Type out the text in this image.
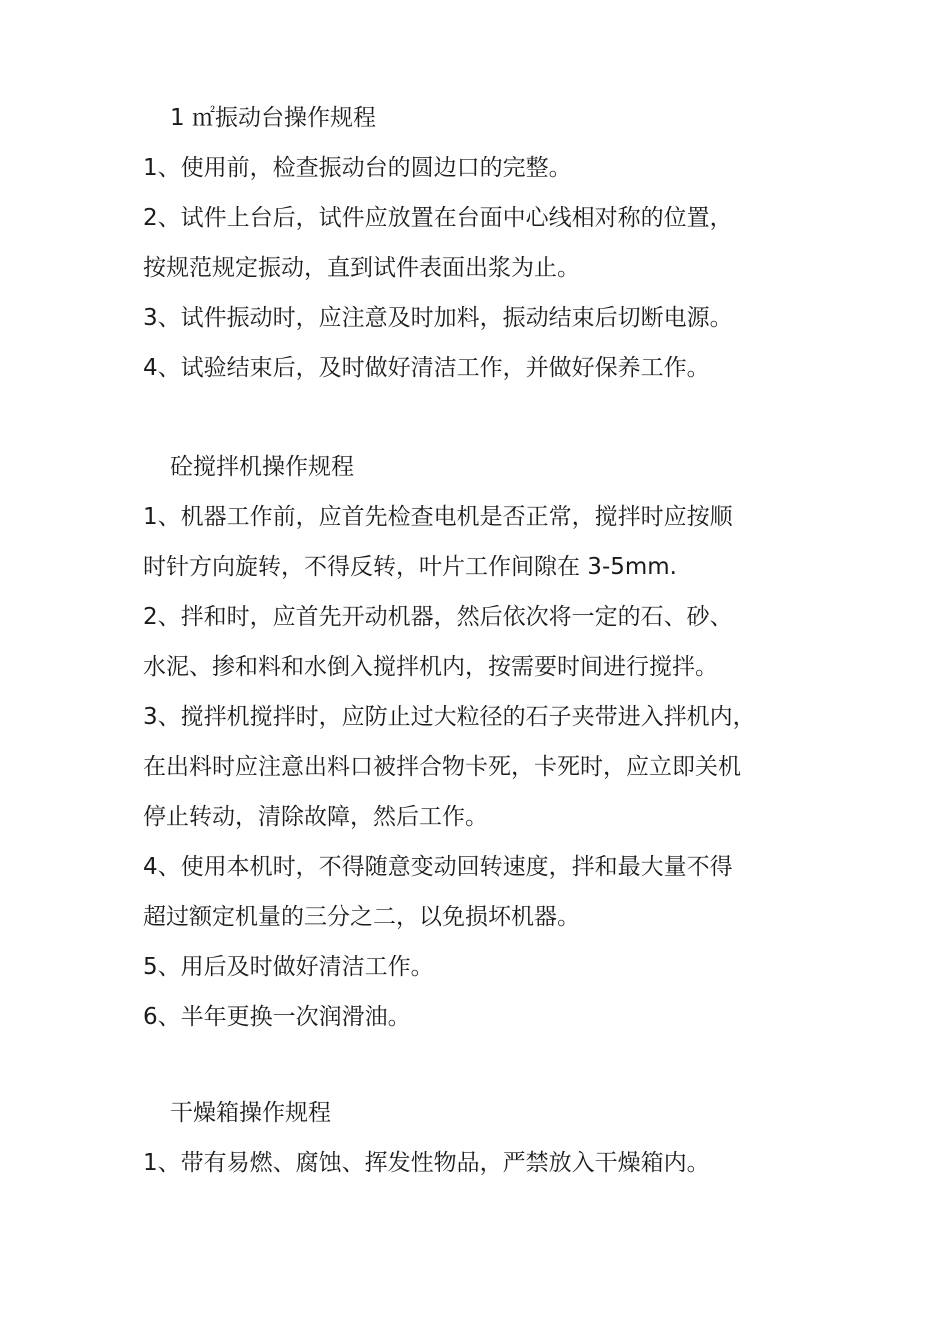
1 ㎡振动台操作规程
1、使用前，检查振动台的圆边口的完整。
2、试件上台后，试件应放置在台面中心线相对称的位置，
按规范规定振动，直到试件表面出浆为止。
3、试件振动时，应注意及时加料，振动结束后切断电源。
4、试验结束后，及时做好清洁工作，并做好保养工作。
砼搅拌机操作规程
1、机器工作前，应首先检查电机是否正常，搅拌时应按顺
时针方向旋转，不得反转，叶片工作间隙在 3-5mm.
2、拌和时，应首先开动机器，然后依次将一定的石、砂、
水泥、掺和料和水倒入搅拌机内，按需要时间进行搅拌。
3、搅拌机搅拌时，应防止过大粒径的石子夹带进入拌机内，
在出料时应注意出料口被拌合物卡死，卡死时，应立即关机
停止转动，清除故障，然后工作。
4、使用本机时，不得随意变动回转速度，拌和最大量不得
超过额定机量的三分之二，以免损坏机器。
5、用后及时做好清洁工作。
6、半年更换一次润滑油。
干燥箱操作规程
1、带有易燃、腐蚀、挥发性物品，严禁放入干燥箱内。
